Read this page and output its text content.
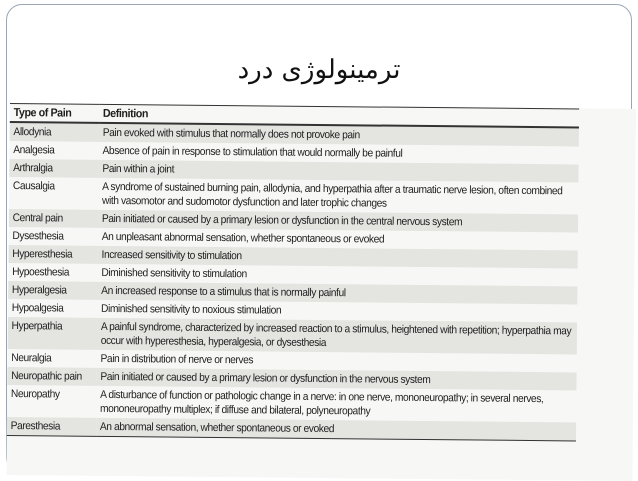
ترمینولوژی درد
Type of Pain	Definition
Allodynia	Pain evoked with stimulus that normally does not provoke pain
Analgesia	Absence of pain in response to stimulation that would normally be painful
Arthralgia	Pain within a joint
Causalgia	A syndrome of sustained burning pain, allodynia, and hyperpathia after a traumatic nerve lesion, often combined with vasomotor and sudomotor dysfunction and later trophic changes
Central pain	Pain initiated or caused by a primary lesion or dysfunction in the central nervous system
Dysesthesia	An unpleasant abnormal sensation, whether spontaneous or evoked
Hyperesthesia	Increased sensitivity to stimulation
Hypoesthesia	Diminished sensitivity to stimulation
Hyperalgesia	An increased response to a stimulus that is normally painful
Hypoalgesia	Diminished sensitivity to noxious stimulation
Hyperpathia	A painful syndrome, characterized by increased reaction to a stimulus, heightened with repetition; hyperpathia may occur with hyperesthesia, hyperalgesia, or dysesthesia
Neuralgia	Pain in distribution of nerve or nerves
Neuropathic pain	Pain initiated or caused by a primary lesion or dysfunction in the nervous system
Neuropathy	A disturbance of function or pathologic change in a nerve: in one nerve, mononeuropathy; in several nerves, mononeuropathy multiplex; if diffuse and bilateral, polyneuropathy
Paresthesia	An abnormal sensation, whether spontaneous or evoked
